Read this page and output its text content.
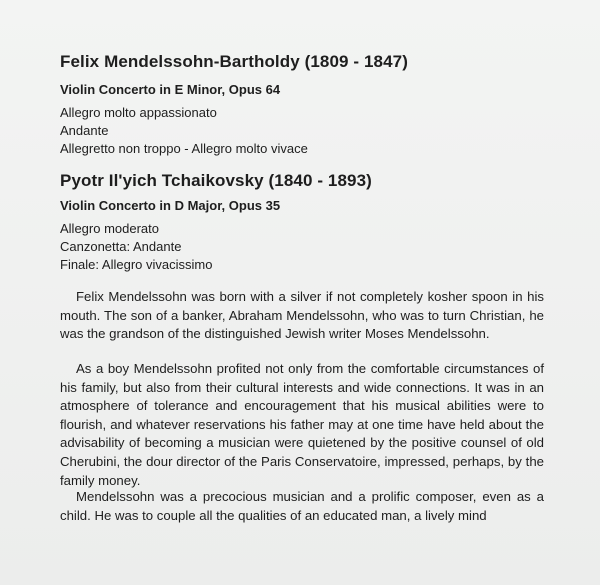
Felix Mendelssohn-Bartholdy (1809 - 1847)
Violin Concerto in E Minor, Opus 64
Allegro molto appassionato
Andante
Allegretto non troppo - Allegro molto vivace
Pyotr Il'yich Tchaikovsky (1840 - 1893)
Violin Concerto in D Major, Opus 35
Allegro moderato
Canzonetta: Andante
Finale: Allegro vivacissimo

Felix Mendelssohn was born with a silver if not completely kosher spoon in his mouth. The son of a banker, Abraham Mendelssohn, who was to turn Christian, he was the grandson of the distinguished Jewish writer Moses Mendelssohn.

As a boy Mendelssohn profited not only from the comfortable circumstances of his family, but also from their cultural interests and wide connections. It was in an atmosphere of tolerance and encouragement that his musical abilities were to flourish, and whatever reservations his father may at one time have held about the advisability of becoming a musician were quietened by the positive counsel of old Cherubini, the dour director of the Paris Conservatoire, impressed, perhaps, by the family money.

Mendelssohn was a precocious musician and a prolific composer, even as a child. He was to couple all the qualities of an educated man, a lively mind
